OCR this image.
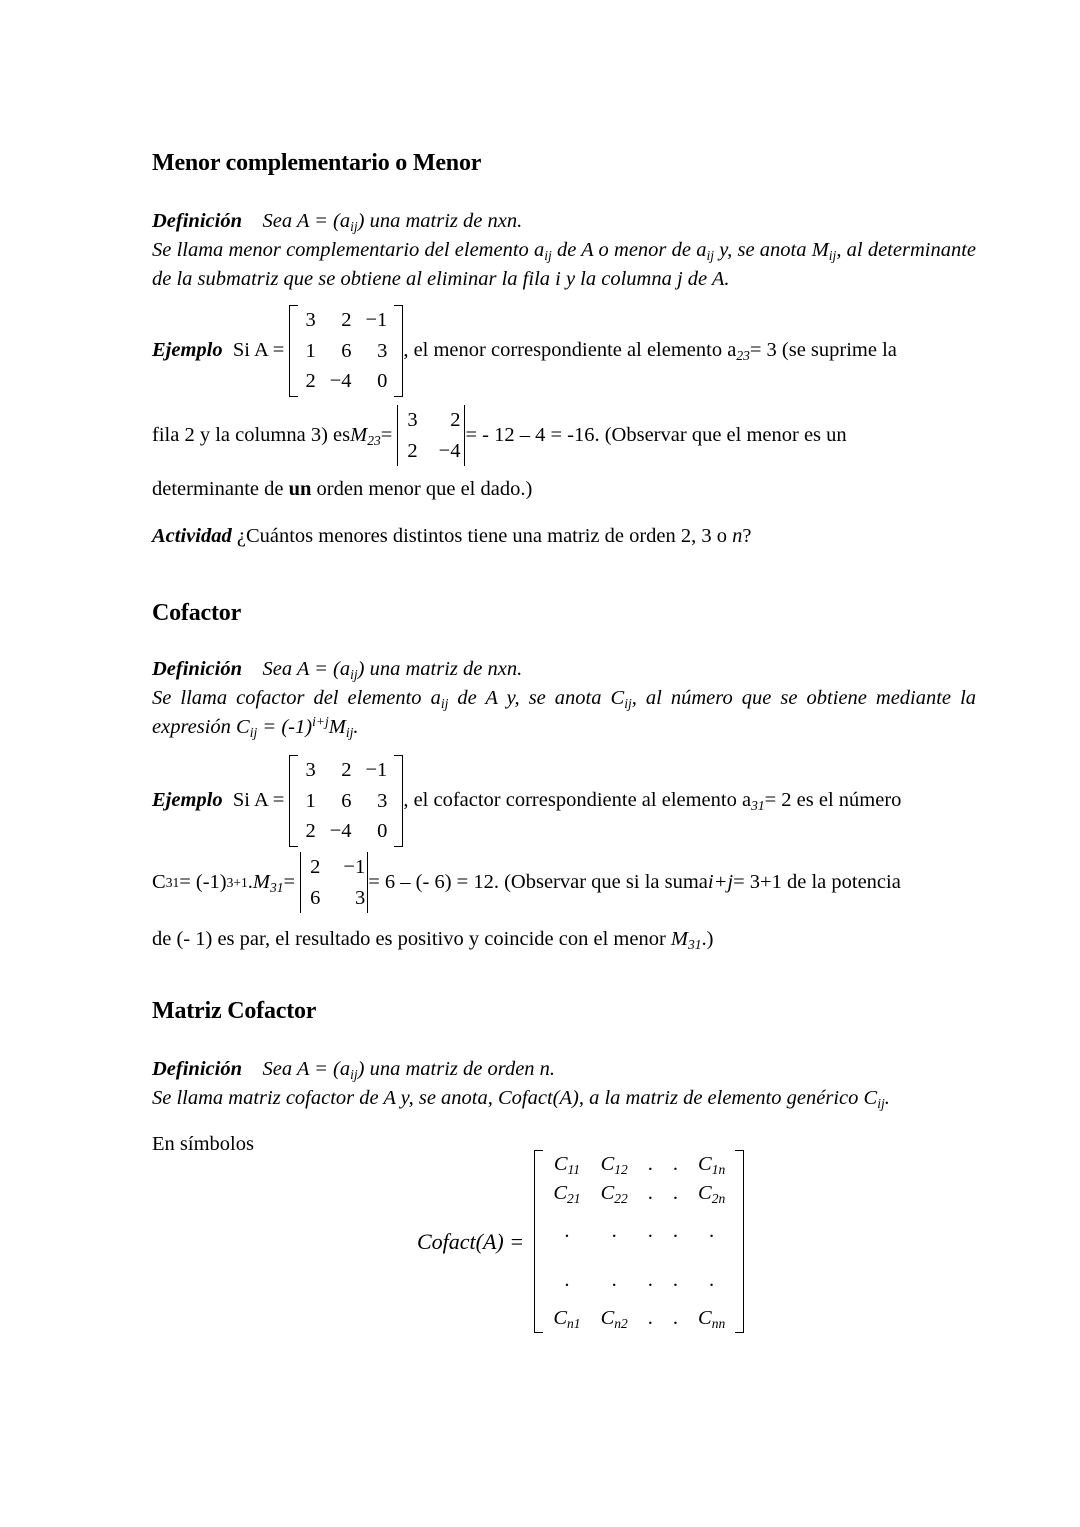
Menor complementario o Menor

Definición Sea $A = (a_{ij})$ una matriz de nxn.

Se llama menor complementario del elemento $a_{ij}$ de A o menor de $a_{ij}$ y, se anota $M_{ij}$, al determinante de la submatriz que se obtiene al eliminar la fila i y la columna j de A.

Ejemplo
Si A =

3	2	−1
1	6	3
2	−4	0
, el menor correspondiente al elemento a $_{23}$ = 3 (se suprime la
fila 2 y la columna 3) es M $_{23}$ =

3	2
2	−4
= - 12 – 4 = -16. (Observar que el menor es un
determinante de un orden menor que el dado.)
Actividad ¿Cuántos menores distintos tiene una matriz de orden 2, 3 o n?
Cofactor

Definición Sea $A = (a_{ij})$ una matriz de nxn.

Se llama cofactor del elemento $a_{ij}$ de A y, se anota $C_{ij}$, al número que se obtiene mediante la expresión $C_{ij} = (-1)^{i+j}M_{ij}$.

Ejemplo
Si A =

3	2	−1
1	6	3
2	−4	0
, el cofactor correspondiente al elemento a $_{31}$ = 2 es el número
C 31 = (-1) 3+1 . M $_{31}$ =

2	−1
6	3
= 6 – (- 6) = 12. (Observar que si la suma i+j = 3+1 de la potencia
de (- 1) es par, el resultado es positivo y coincide con el menor $M_{31}$.)
Matriz Cofactor

Definición Sea $A = (a_{ij})$ una matriz de orden n.

Se llama matriz cofactor de A y, se anota, Cofact(A), a la matriz de elemento genérico $C_{ij}$.

En símbolos
Cofact(A) =

$C_{11}$	$C_{12}$	.	.	$C_{1n}$
$C_{21}$	$C_{22}$	.	.	$C_{2n}$
.	.	.	.	.
.	.	.	.	.
$C_{n1}$	$C_{n2}$	.	.	$C_{nn}$
